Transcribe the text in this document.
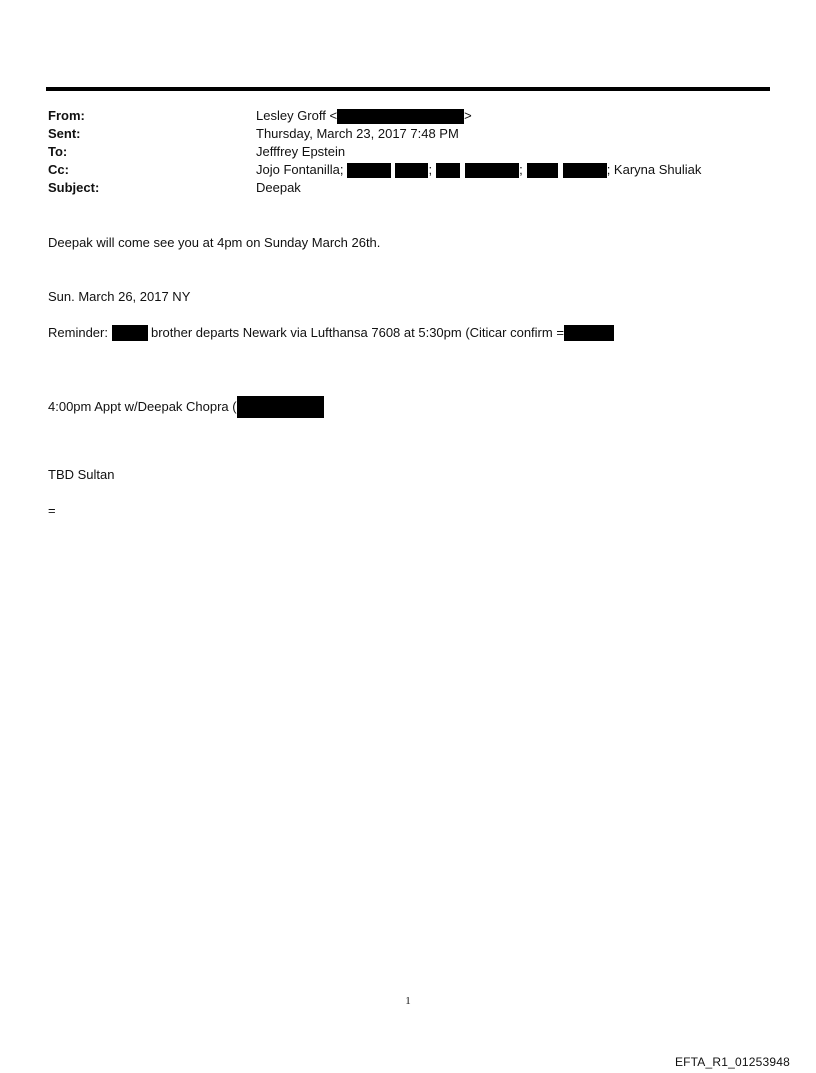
From:	Lesley Groff <	>
Sent:	Thursday, March 23, 2017 7:48 PM
To:	Jefffrey Epstein
Cc:	Jojo Fontanilla;	;	;	; Karyna Shuliak
Subject:	Deepak
Deepak will come see you at 4pm on Sunday March 26th.
Sun. March 26, 2017 NY
Reminder:	brother departs Newark via Lufthansa 7608 at 5:30pm (Citicar confirm =
4:00pm Appt w/Deepak Chopra (
TBD Sultan
=
1
EFTA_R1_01253948
